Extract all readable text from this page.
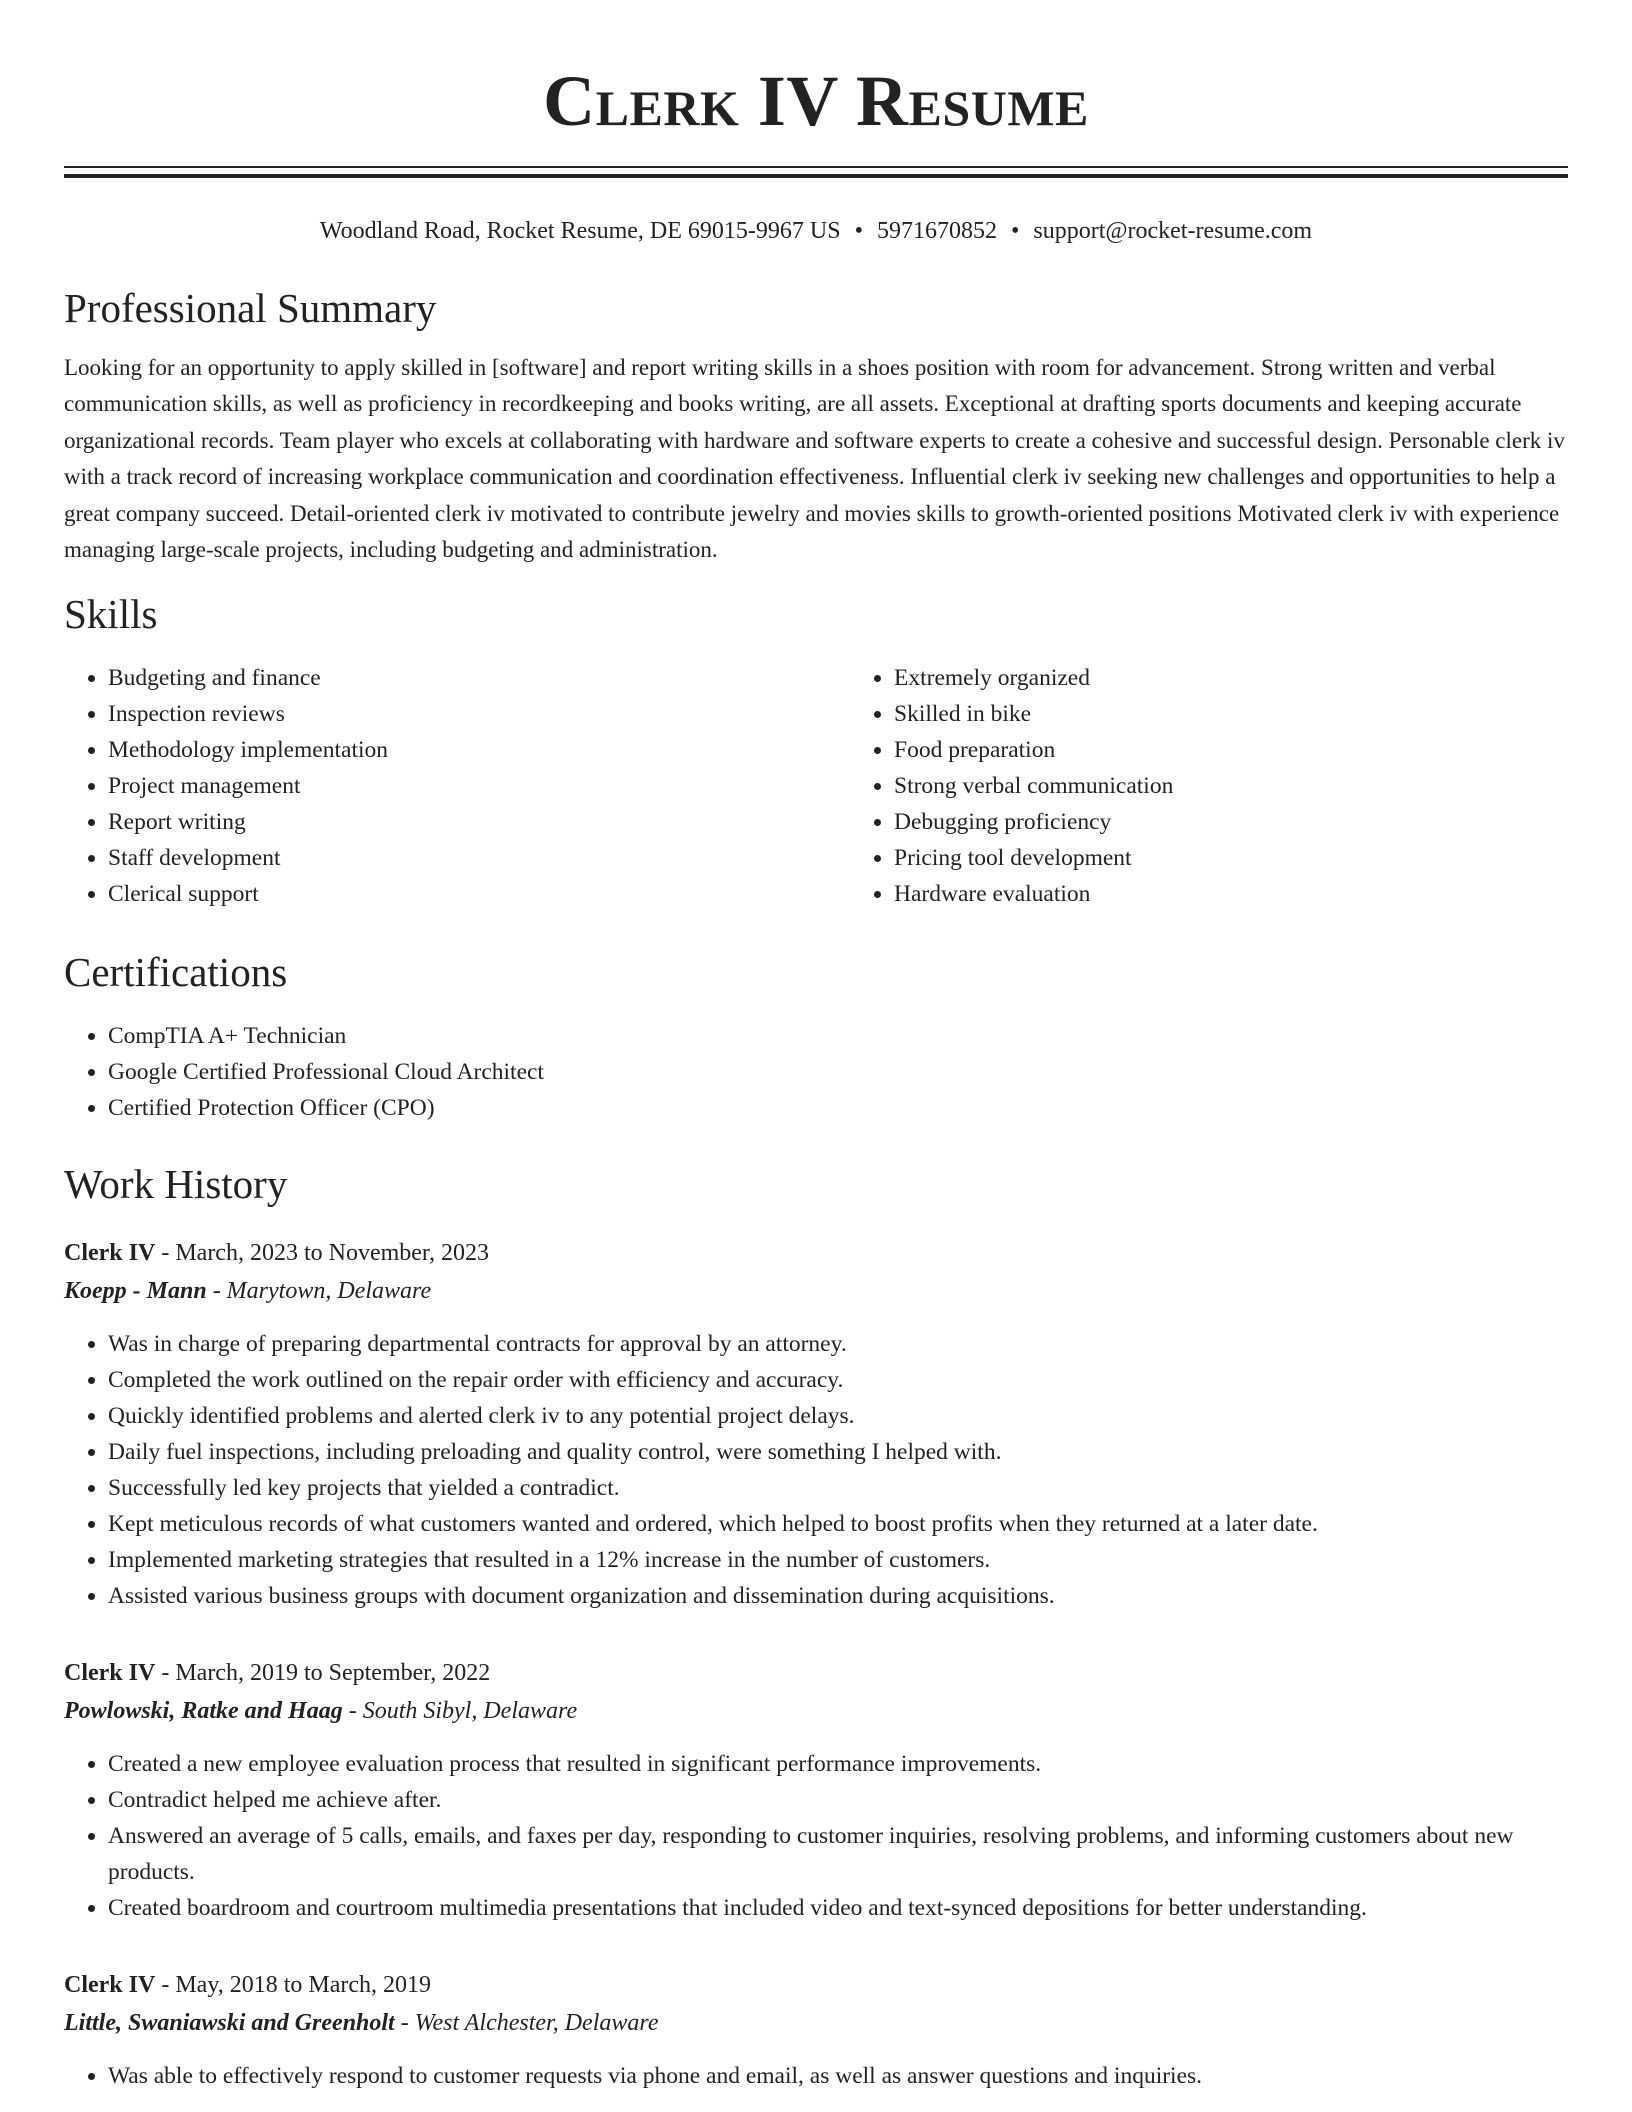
Clerk IV Resume
Woodland Road, Rocket Resume, DE 69015-9967 US • 5971670852 • support@rocket-resume.com
Professional Summary

Looking for an opportunity to apply skilled in [software] and report writing skills in a shoes position with room for advancement. Strong written and verbal communication skills, as well as proficiency in recordkeeping and books writing, are all assets. Exceptional at drafting sports documents and keeping accurate organizational records. Team player who excels at collaborating with hardware and software experts to create a cohesive and successful design. Personable clerk iv with a track record of increasing workplace communication and coordination effectiveness. Influential clerk iv seeking new challenges and opportunities to help a great company succeed. Detail-oriented clerk iv motivated to contribute jewelry and movies skills to growth-oriented positions Motivated clerk iv with experience managing large-scale projects, including budgeting and administration.

Skills
• Budgeting and finance
• Inspection reviews
• Methodology implementation
• Project management
• Report writing
• Staff development
• Clerical support
• Extremely organized
• Skilled in bike
• Food preparation
• Strong verbal communication
• Debugging proficiency
• Pricing tool development
• Hardware evaluation
Certifications
• CompTIA A+ Technician
• Google Certified Professional Cloud Architect
• Certified Protection Officer (CPO)
Work History
Clerk IV - March, 2023 to November, 2023
Koepp - Mann - Marytown, Delaware
• Was in charge of preparing departmental contracts for approval by an attorney.
• Completed the work outlined on the repair order with efficiency and accuracy.
• Quickly identified problems and alerted clerk iv to any potential project delays.
• Daily fuel inspections, including preloading and quality control, were something I helped with.
• Successfully led key projects that yielded a contradict.
• Kept meticulous records of what customers wanted and ordered, which helped to boost profits when they returned at a later date.
• Implemented marketing strategies that resulted in a 12% increase in the number of customers.
• Assisted various business groups with document organization and dissemination during acquisitions.
Clerk IV - March, 2019 to September, 2022
Powlowski, Ratke and Haag - South Sibyl, Delaware
• Created a new employee evaluation process that resulted in significant performance improvements.
• Contradict helped me achieve after.
• Answered an average of 5 calls, emails, and faxes per day, responding to customer inquiries, resolving problems, and informing customers about new products.
• Created boardroom and courtroom multimedia presentations that included video and text-synced depositions for better understanding.
Clerk IV - May, 2018 to March, 2019
Little, Swaniawski and Greenholt - West Alchester, Delaware
• Was able to effectively respond to customer requests via phone and email, as well as answer questions and inquiries.
